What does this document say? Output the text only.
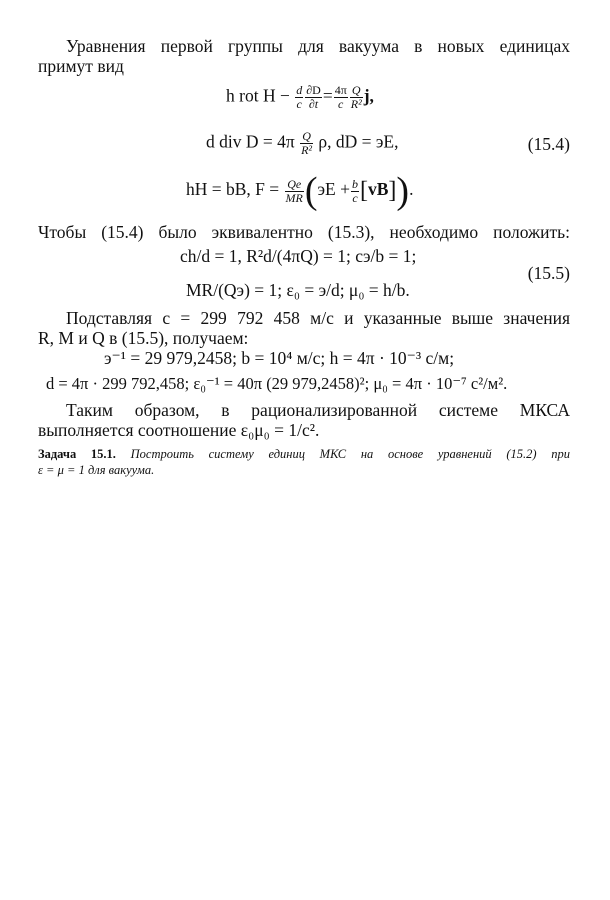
Уравнения первой группы для вакуума в новых единицах
примут вид
h rot $H - \frac{d}{c} \frac{\partial D}{\partial t} = \frac{4\pi}{c} \frac{Q}{\text{R²}} j$,
d div $D = 4\pi \frac{Q}{\text{R²}} \rho$, dD = эE,	(15.4)
hH = bB, $F = \frac{Qe}{MR} (эE + \frac{b}{c} [vB])$.
Чтобы (15.4) было эквивалентно (15.3), необходимо положить:
ch/d = 1, R²d/(4πQ) = 1; cэ/b = 1;
MR/(Qэ) = 1; ε₀ = э/d; μ₀ = h/b.
(15.5)
Подставляя c = 299 792 458 м/с и указанные выше значения
R, M и Q в (15.5), получаем:
э⁻¹ = 29 979,2458; b = 10⁴ м/с; h = 4π · 10⁻³ с/м;
d = 4π · 299 792,458; ε₀⁻¹ = 40π (29 979,2458)²; μ₀ = 4π · 10⁻⁷ с²/м².
Таким образом, в рационализированной системе МКСА
выполняется соотношение ε₀μ₀ = 1/c².
Задача 15.1. Построить систему единиц МКС на основе уравнений (15.2) при
ε = μ = 1 для вакуума.
